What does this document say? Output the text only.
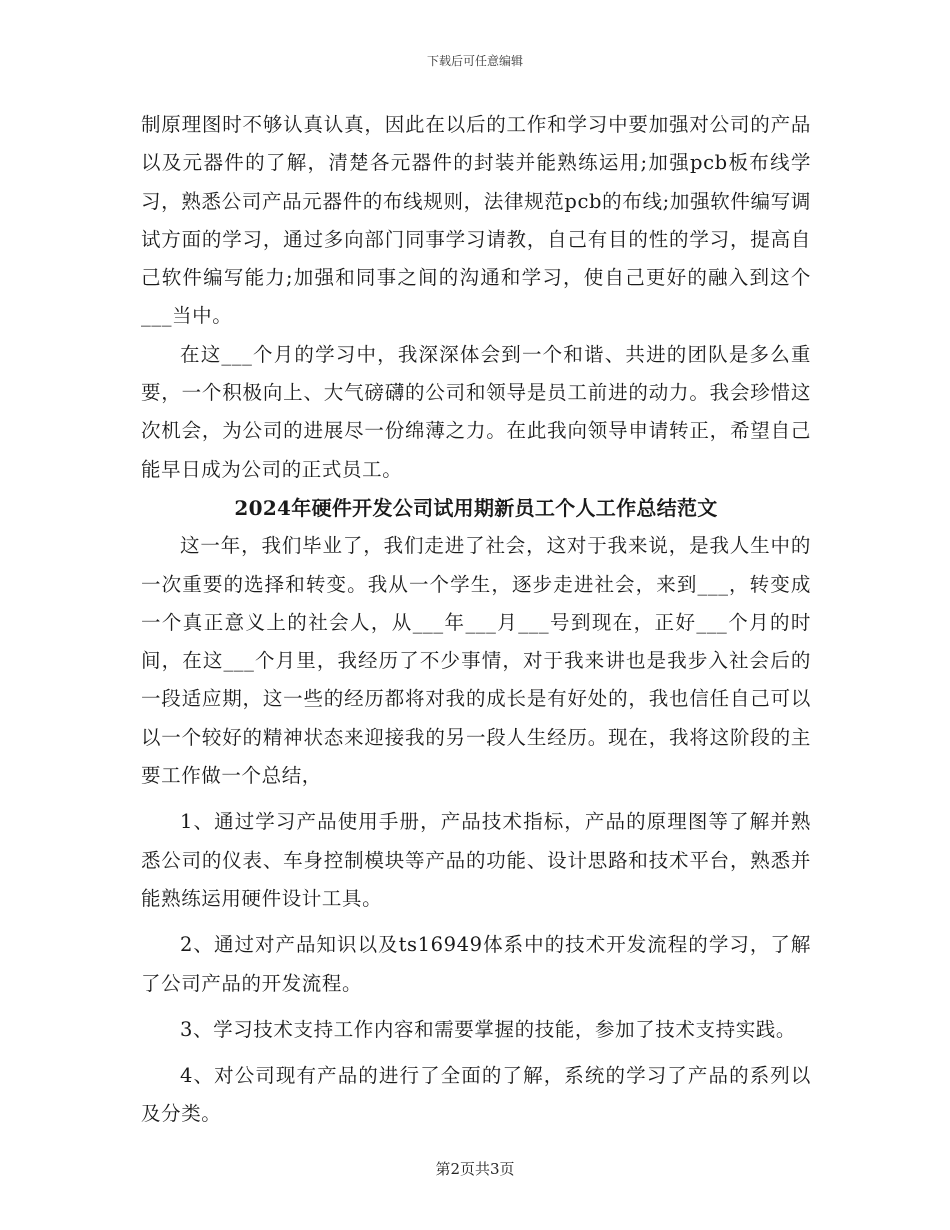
下载后可任意编辑

制原理图时不够认真认真，因此在以后的工作和学习中要加强对公司的产品以及元器件的了解，清楚各元器件的封装并能熟练运用;加强pcb板布线学习，熟悉公司产品元器件的布线规则，法律规范pcb的布线;加强软件编写调试方面的学习，通过多向部门同事学习请教，自己有目的性的学习，提高自己软件编写能力;加强和同事之间的沟通和学习，使自己更好的融入到这个___当中。

在这___个月的学习中，我深深体会到一个和谐、共进的团队是多么重要，一个积极向上、大气磅礴的公司和领导是员工前进的动力。我会珍惜这次机会，为公司的进展尽一份绵薄之力。在此我向领导申请转正，希望自己能早日成为公司的正式员工。

2024年硬件开发公司试用期新员工个人工作总结范文

这一年，我们毕业了，我们走进了社会，这对于我来说，是我人生中的一次重要的选择和转变。我从一个学生，逐步走进社会，来到___，转变成一个真正意义上的社会人，从___年___月___号到现在，正好___个月的时间，在这___个月里，我经历了不少事情，对于我来讲也是我步入社会后的一段适应期，这一些的经历都将对我的成长是有好处的，我也信任自己可以以一个较好的精神状态来迎接我的另一段人生经历。现在，我将这阶段的主要工作做一个总结，

1、通过学习产品使用手册，产品技术指标，产品的原理图等了解并熟悉公司的仪表、车身控制模块等产品的功能、设计思路和技术平台，熟悉并能熟练运用硬件设计工具。

2、通过对产品知识以及ts16949体系中的技术开发流程的学习，了解了公司产品的开发流程。

3、学习技术支持工作内容和需要掌握的技能，参加了技术支持实践。

4、对公司现有产品的进行了全面的了解，系统的学习了产品的系列以及分类。

第2页共3页
